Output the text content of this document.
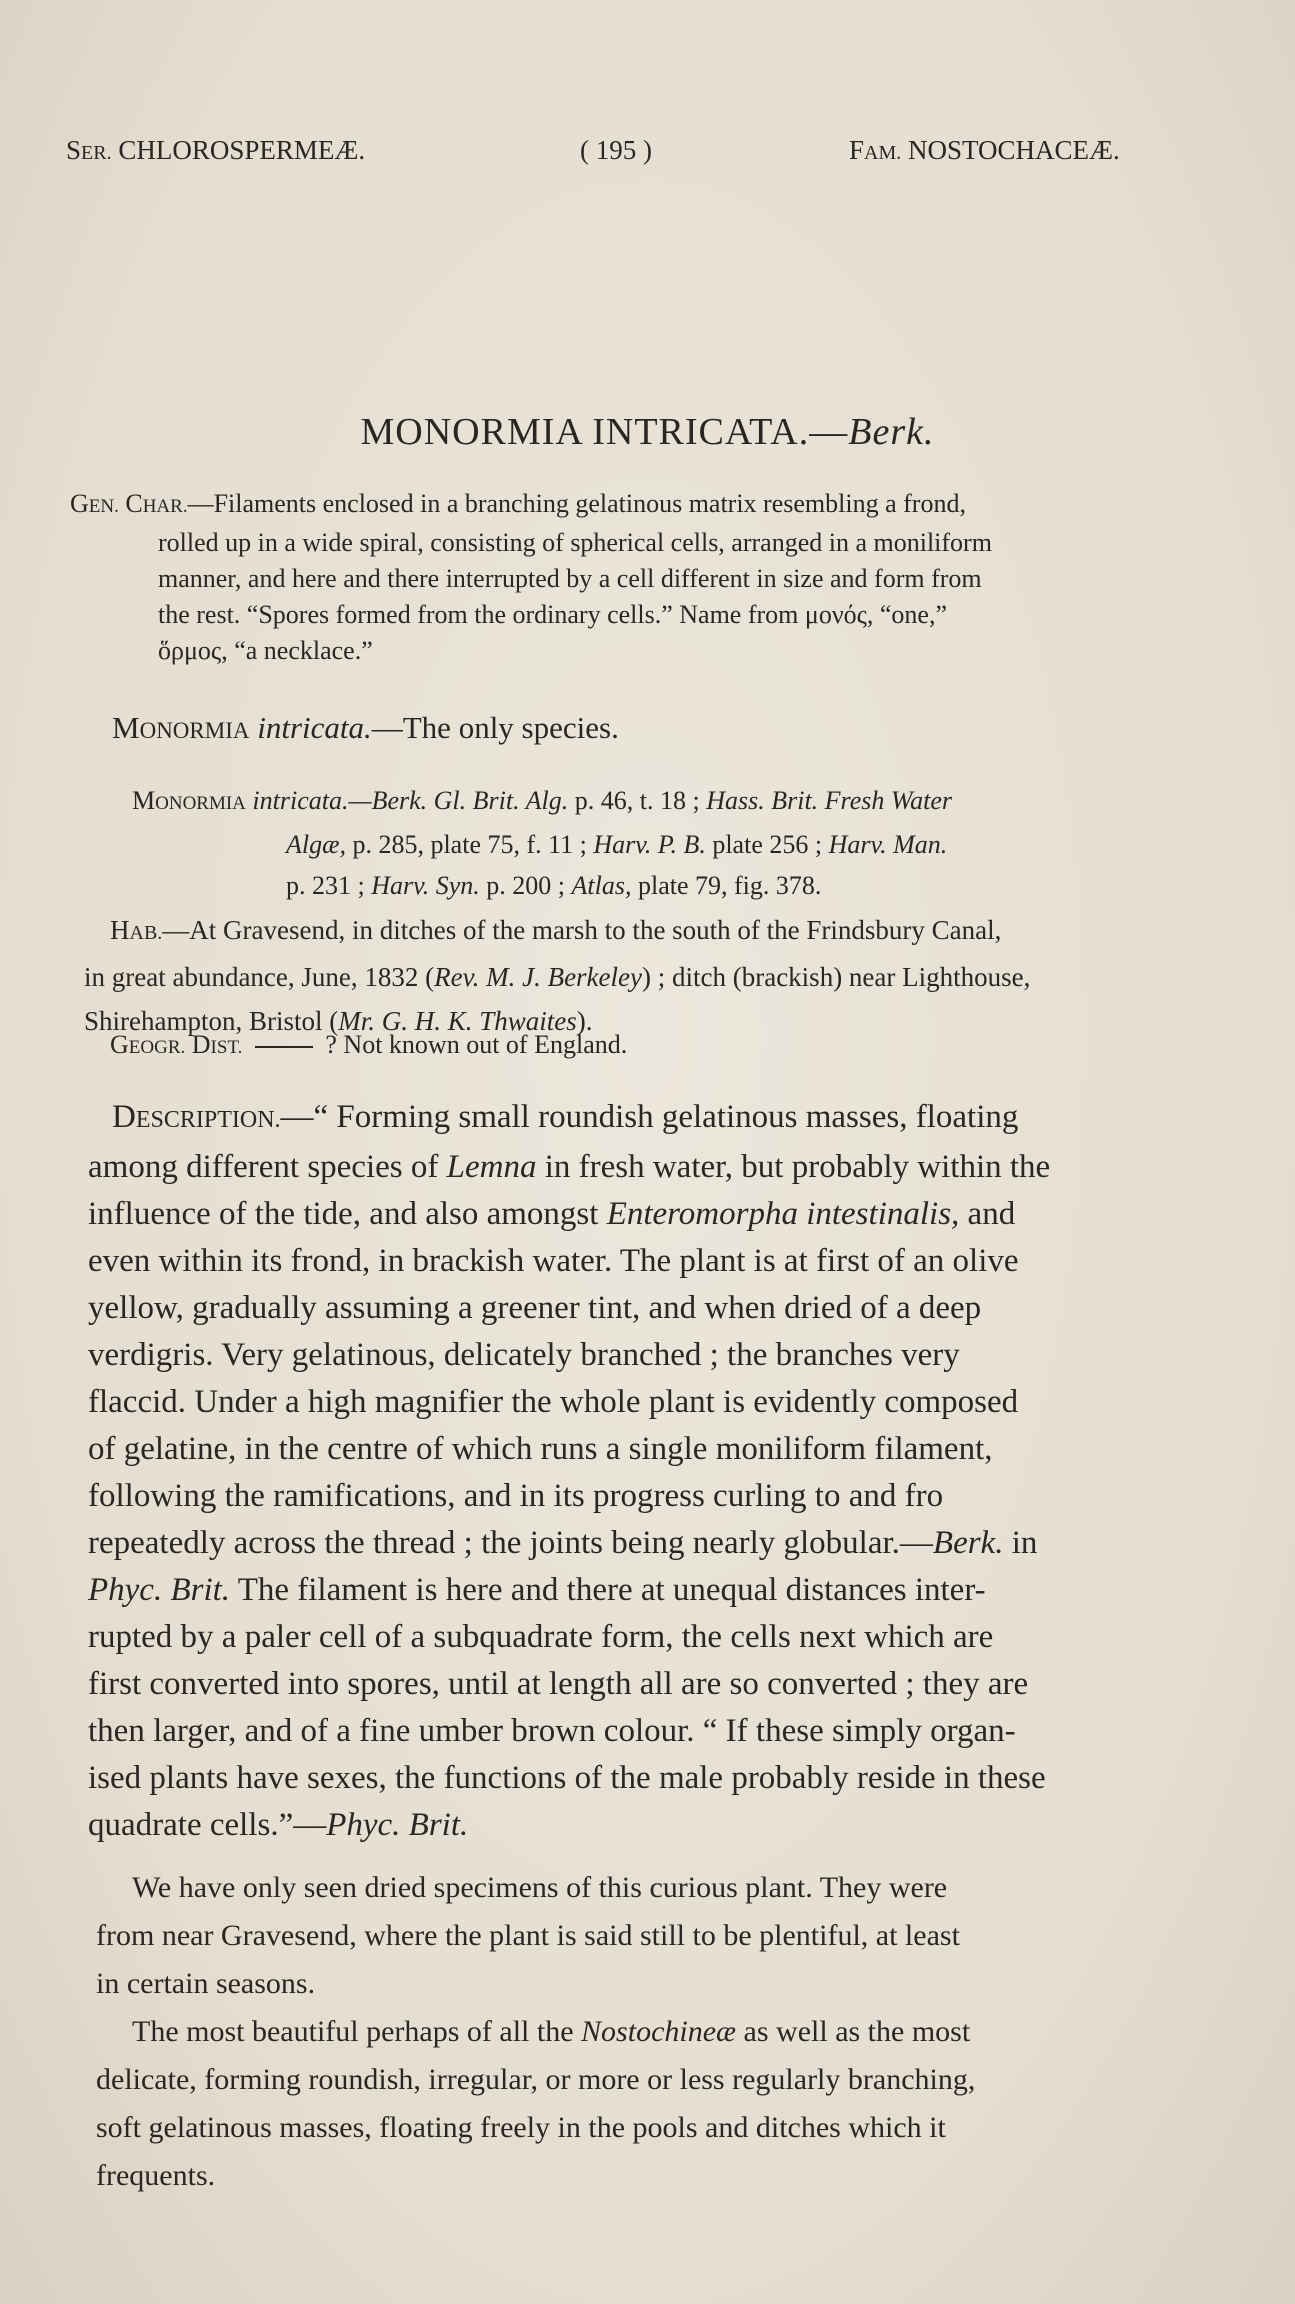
SER. CHLOROSPERMEÆ.	( 195 )	FAM. NOSTOCHACEÆ.
MONORMIA INTRICATA.—Berk.
GEN. CHAR.—Filaments enclosed in a branching gelatinous matrix resembling a frond,
rolled up in a wide spiral, consisting of spherical cells, arranged in a moniliform
manner, and here and there interrupted by a cell different in size and form from
the rest. “Spores formed from the ordinary cells.” Name from μονός, “one,”
ὅρμος, “a necklace.”
MONORMIA intricata.—The only species.
MONORMIA intricata.—Berk. Gl. Brit. Alg. p. 46, t. 18 ; Hass. Brit. Fresh Water
Algæ, p. 285, plate 75, f. 11 ; Harv. P. B. plate 256 ; Harv. Man.
p. 231 ; Harv. Syn. p. 200 ; Atlas, plate 79, fig. 378.
HAB.—At Gravesend, in ditches of the marsh to the south of the Frindsbury Canal,
in great abundance, June, 1832 (Rev. M. J. Berkeley) ; ditch (brackish) near Lighthouse,
Shirehampton, Bristol (Mr. G. H. K. Thwaites).
GEOGR. DIST.	? Not known out of England.
DESCRIPTION.—“ Forming small roundish gelatinous masses, floating
among different species of Lemna in fresh water, but probably within the
influence of the tide, and also amongst Enteromorpha intestinalis, and
even within its frond, in brackish water. The plant is at first of an olive
yellow, gradually assuming a greener tint, and when dried of a deep
verdigris. Very gelatinous, delicately branched ; the branches very
flaccid. Under a high magnifier the whole plant is evidently composed
of gelatine, in the centre of which runs a single moniliform filament,
following the ramifications, and in its progress curling to and fro
repeatedly across the thread ; the joints being nearly globular.—Berk. in
Phyc. Brit. The filament is here and there at unequal distances inter-
rupted by a paler cell of a subquadrate form, the cells next which are
first converted into spores, until at length all are so converted ; they are
then larger, and of a fine umber brown colour. “ If these simply organ-
ised plants have sexes, the functions of the male probably reside in these
quadrate cells.”—Phyc. Brit.
We have only seen dried specimens of this curious plant. They were
from near Gravesend, where the plant is said still to be plentiful, at least
in certain seasons.
The most beautiful perhaps of all the Nostochineæ as well as the most
delicate, forming roundish, irregular, or more or less regularly branching,
soft gelatinous masses, floating freely in the pools and ditches which it
frequents.
